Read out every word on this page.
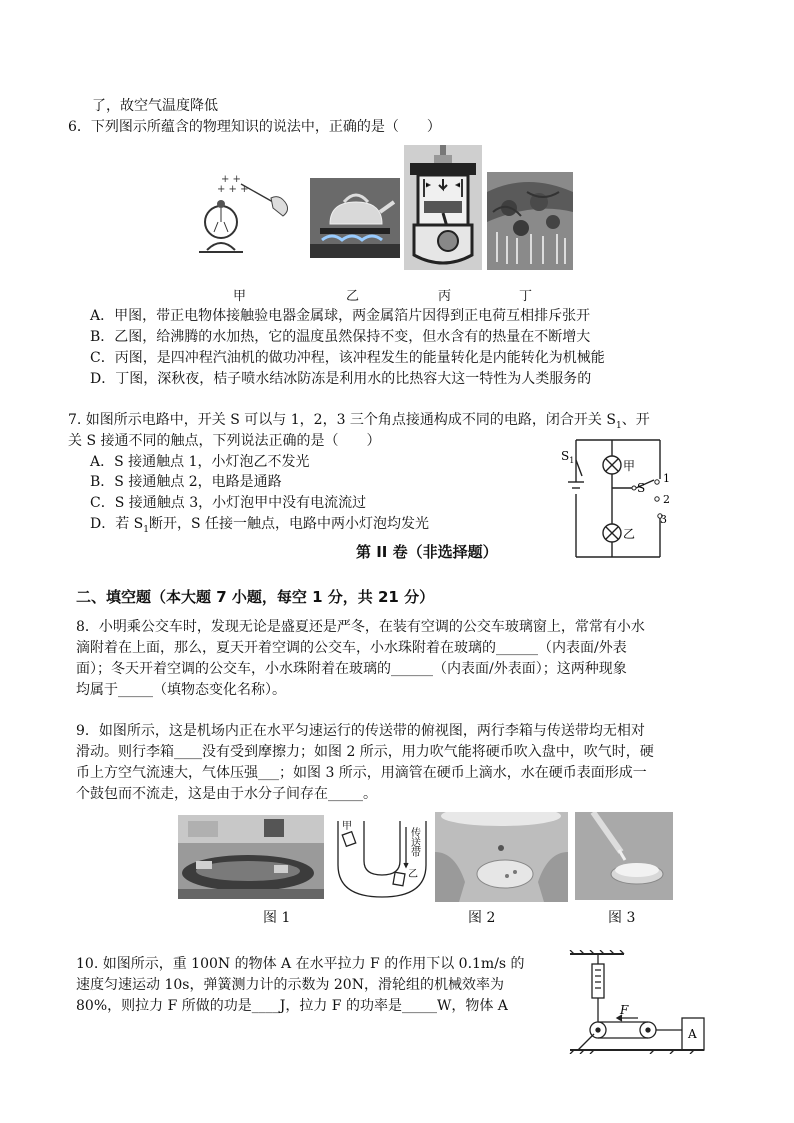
了，故空气温度降低
6．下列图示所蕴含的物理知识的说法中，正确的是（　　）
+ +
+ + +
甲	乙	丙	丁
A．甲图，带正电物体接触验电器金属球，两金属箔片因得到正电荷互相排斥张开
B．乙图，给沸腾的水加热，它的温度虽然保持不变，但水含有的热量在不断增大
C．丙图，是四冲程汽油机的做功冲程，该冲程发生的能量转化是内能转化为机械能
D．丁图，深秋夜，桔子喷水结冰防冻是利用水的比热容大这一特性为人类服务的
7. 如图所示电路中，开关 S 可以与 1，2，3 三个角点接通构成不同的电路，闭合开关 $S_1$、开
关 S 接通不同的触点，下列说法正确的是（　　）
A．S 接通触点 1，小灯泡乙不发光
B．S 接通触点 2，电路是通路
C．S 接通触点 3，小灯泡甲中没有电流流过
D．若 $S_1$断开，S 任接一触点，电路中两小灯泡均发光
甲
乙
S
$S_1$
1
2
3
第 II 卷（非选择题）
二、填空题（本大题 7 小题，每空 1 分，共 21 分）
8．小明乘公交车时，发现无论是盛夏还是严冬，在装有空调的公交车玻璃窗上，常常有小水
滴附着在上面，那么，夏天开着空调的公交车，小水珠附着在玻璃的______（内表面/外表
面）；冬天开着空调的公交车，小水珠附着在玻璃的______（内表面/外表面）；这两种现象
均属于_____（填物态变化名称）。
9．如图所示，这是机场内正在水平匀速运行的传送带的俯视图，两行李箱与传送带均无相对
滑动。则行李箱____没有受到摩擦力；如图 2 所示，用力吹气能将硬币吹入盘中，吹气时，硬
币上方空气流速大，气体压强___；如图 3 所示，用滴管在硬币上滴水，水在硬币表面形成一
个鼓包而不流走，这是由于水分子间存在_____。
甲
乙
传送带
图 1	图 2	图 3
10. 如图所示，重 100N 的物体 A 在水平拉力 F 的作用下以 0.1m/s 的
速度匀速运动 10s，弹簧测力计的示数为 20N，滑轮组的机械效率为
80%，则拉力 F 所做的功是____J，拉力 F 的功率是_____W，物体 A	F
A
